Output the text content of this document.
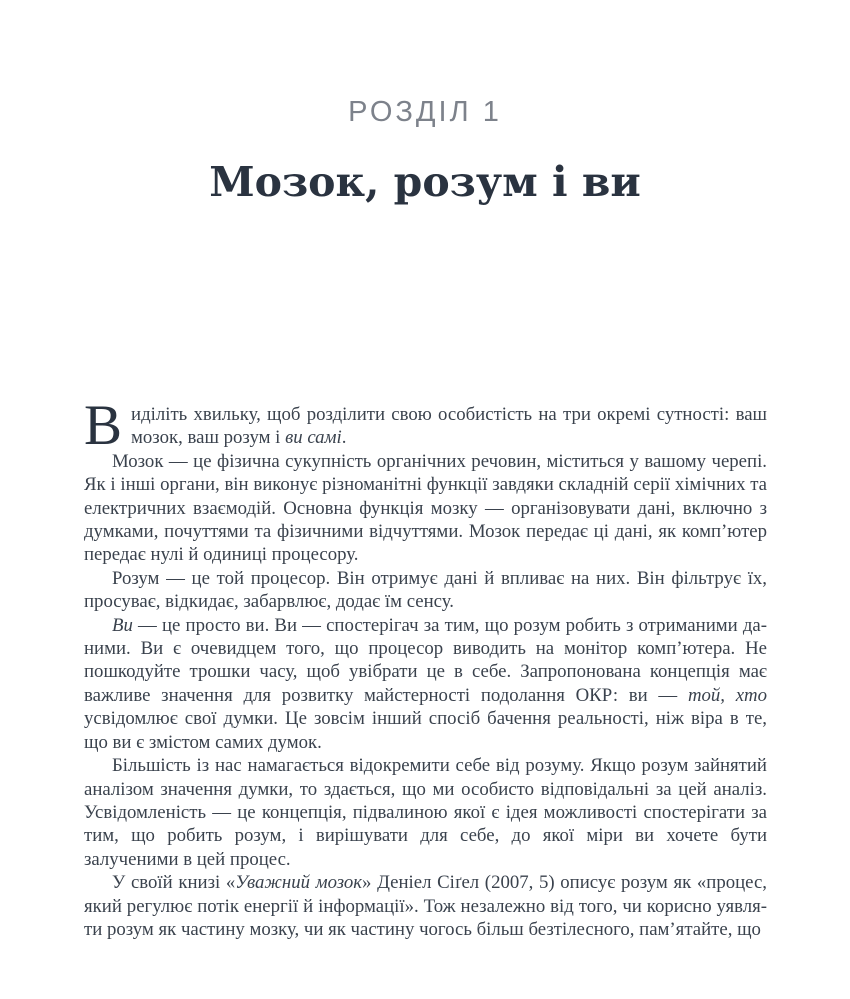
РОЗДІЛ 1
Мозок, розум і ви

Виділіть хвильку, щоб розділити свою особистість на три окремі сутності: ваш мозок, ваш розум і ви самі.

Мозок — це фізична сукупність органічних речовин, міститься у вашому черепі. Як і інші органи, він виконує різноманітні функції завдяки складній серії хімічних та електричних взаємодій. Основна функція мозку — організовувати дані, включно з думками, почуттями та фізичними відчуттями. Мозок передає ці дані, як комп’ютер передає нулі й одиниці процесору.

Розум — це той процесор. Він отримує дані й впливає на них. Він фільтрує їх, просуває, відкидає, забарвлює, додає їм сенсу.

Ви — це просто ви. Ви — спостерігач за тим, що розум робить з отриманими даними. Ви є очевидцем того, що процесор виводить на монітор комп’ютера. Не пошкодуйте трошки часу, щоб увібрати це в себе. Запропонована концепція має важливе значення для розвитку майстерності подолання ОКР: ви — той, хто усвідомлює свої думки. Це зовсім інший спосіб бачення реальності, ніж віра в те, що ви є змістом самих думок.

Більшість із нас намагається відокремити себе від розуму. Якщо розум зайнятий аналізом значення думки, то здається, що ми особисто відповідальні за цей аналіз. Усвідомленість — це концепція, підвалиною якої є ідея можливості спостерігати за тим, що робить розум, і вирішувати для себе, до якої міри ви хочете бути залученими в цей процес.

У своїй книзі «Уважний мозок» Деніел Сіґел (2007, 5) описує розум як «процес, який регулює потік енергії й інформації». Тож незалежно від того, чи корисно уявляти розум як частину мозку, чи як частину чогось більш безтілесного, пам’ятайте, що
